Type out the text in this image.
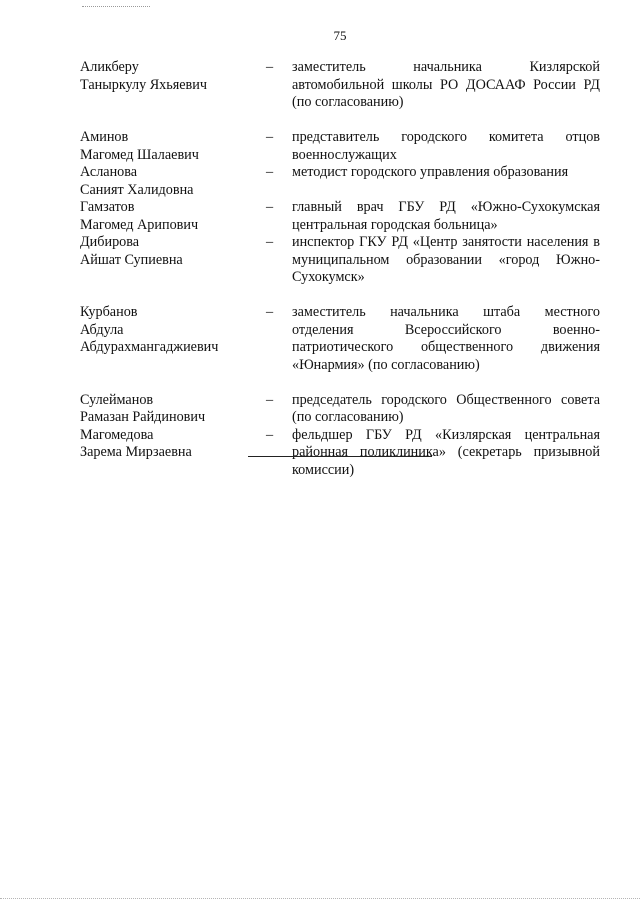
75
Аликберу
Таныркулу Яхьяевич
–	заместитель начальника Кизлярской автомобильной школы РО ДОСААФ России РД (по согласованию)
Аминов
Магомед Шалаевич
–	представитель городского комитета отцов военнослужащих
Асланова
Саният Халидовна
–	методист городского управления образования
Гамзатов
Магомед Арипович
–	главный врач ГБУ РД «Южно-Сухокумская центральная городская больница»
Дибирова
Айшат Супиевна
–	инспектор ГКУ РД «Центр занятости населения в муниципальном образовании «город Южно-Сухокумск»
Курбанов
Абдула
Абдурахмангаджиевич
–	заместитель начальника штаба местного отделения Всероссийского военно-патриотического общественного движения «Юнармия» (по согласованию)
Сулейманов
Рамазан Райдинович
–	председатель городского Общественного совета (по согласованию)
Магомедова
Зарема Мирзаевна
–	фельдшер ГБУ РД «Кизлярская центральная районная поликлиника» (секретарь призывной комиссии)
